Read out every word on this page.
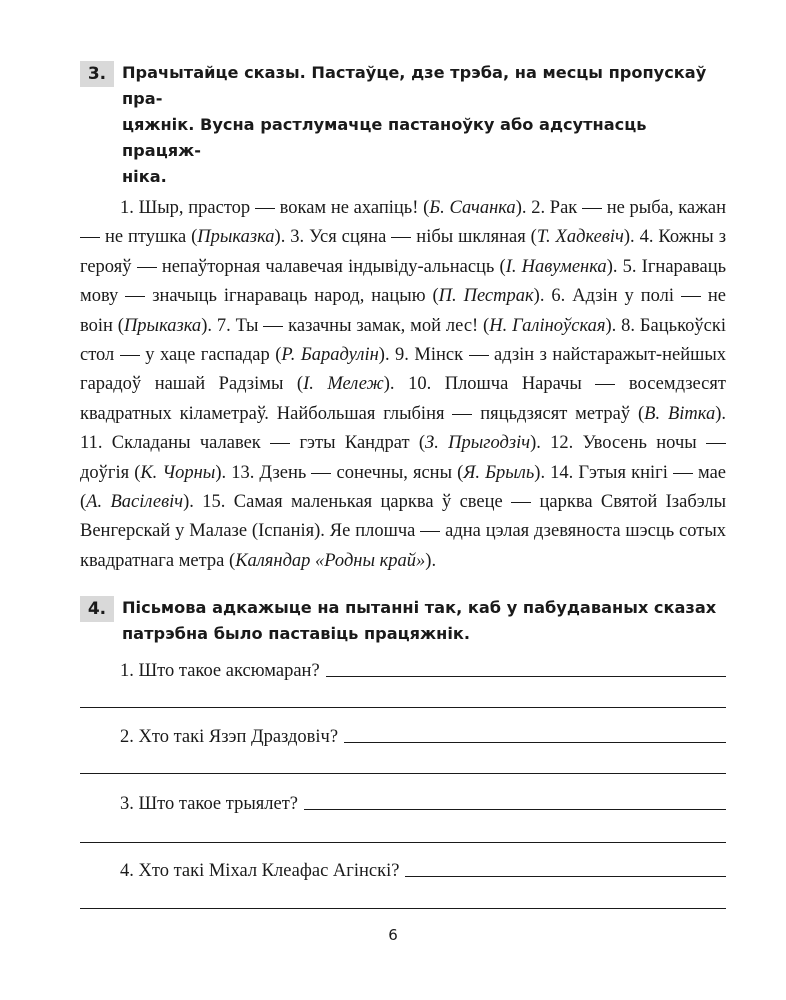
3. Прачытайце сказы. Пастаўце, дзе трэба, на месцы пропускаў пра-
цяжнік. Вусна растлумачце пастаноўку або адсутнасць працяж-
ніка.
1. Шыр, прастор вокам не ахапіць! (Б. Сачанка). 2. Рак не рыба, кажан  не птушка (Прыказка). 3. Уся сцяна нібы шкляная (Т. Хадкевіч). 4. Кожны з герояў непаўторная чалавечая індывіду-альнасць (І. Навуменка). 5. Ігнараваць мову значыць ігнараваць народ, нацыю (П. Пестрак). 6. Адзін у полі не воін (Прыказка). 7. Ты казачны замак, мой лес! (Н. Галіноўская). 8. Бацькоўскі стол у хаце гаспадар (Р. Барадулін). 9. Мінск адзін з найстаражыт-нейшых гарадоў нашай Радзімы (І. Мележ). 10. Плошча Нарачы	восемдзесят квадратных кіламетраў. Найбольшая глыбіня пяцьдзясят метраў (В. Вітка). 11. Складаны чалавек гэты Кандрат (З. Прыгодзіч). 12. Увосень ночы  доўгія (К. Чорны). 13. Дзень сонечны, ясны (Я. Брыль). 14. Гэтыя кнігі мае (А. Васілевіч). 15. Самая маленькая царква ў свеце царква Святой Ізабэлы Венгерскай у Малазе (Іспанія). Яе плошча адна цэлая дзевяноста шэсць сотых квадратнага метра (Каляндар «Родны край»).
4. Пісьмова адкажыце на пытанні так, каб у пабудаваных сказах
патрэбна было паставіць працяжнік.
1. Што такое аксюмаран?
2. Хто такі Язэп Драздовіч?
3. Што такое трыялет?
4. Хто такі Міхал Клеафас Агінскі?
6
